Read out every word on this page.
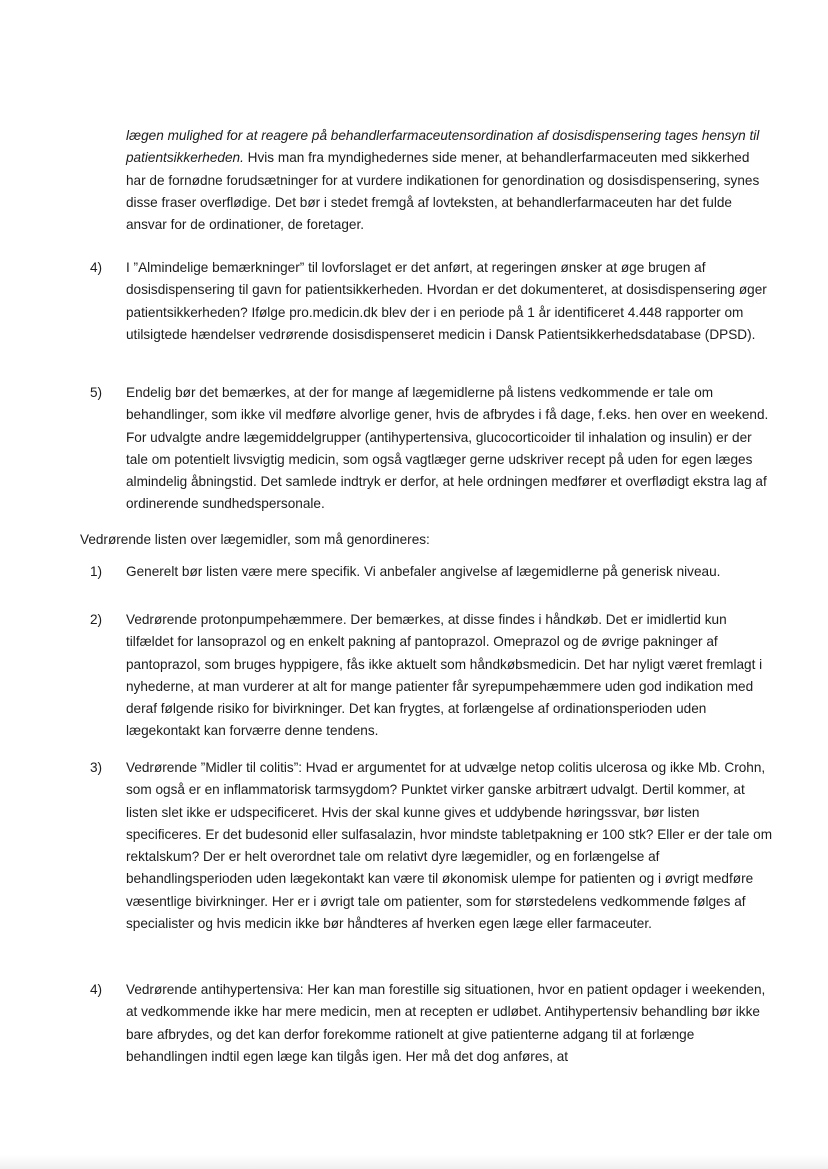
lægen mulighed for at reagere på behandlerfarmaceutensordination af dosisdispensering tages hensyn til patientsikkerheden. Hvis man fra myndighedernes side mener, at behandlerfarmaceuten med sikkerhed har de fornødne forudsætninger for at vurdere indikationen for genordination og dosisdispensering, synes disse fraser overflødige. Det bør i stedet fremgå af lovteksten, at behandlerfarmaceuten har det fulde ansvar for de ordinationer, de foretager.
4)	I ”Almindelige bemærkninger” til lovforslaget er det anført, at regeringen ønsker at øge brugen af dosisdispensering til gavn for patientsikkerheden. Hvordan er det dokumenteret, at dosisdispensering øger patientsikkerheden? Ifølge pro.medicin.dk blev der i en periode på 1 år identificeret 4.448 rapporter om utilsigtede hændelser vedrørende dosisdispenseret medicin i Dansk Patientsikkerhedsdatabase (DPSD).
5)	Endelig bør det bemærkes, at der for mange af lægemidlerne på listens vedkommende er tale om behandlinger, som ikke vil medføre alvorlige gener, hvis de afbrydes i få dage, f.eks. hen over en weekend. For udvalgte andre lægemiddelgrupper (antihypertensiva, glucocorticoider til inhalation og insulin) er der tale om potentielt livsvigtig medicin, som også vagtlæger gerne udskriver recept på uden for egen læges almindelig åbningstid. Det samlede indtryk er derfor, at hele ordningen medfører et overflødigt ekstra lag af ordinerende sundhedspersonale.
Vedrørende listen over lægemidler, som må genordineres:
1)	Generelt bør listen være mere specifik. Vi anbefaler angivelse af lægemidlerne på generisk niveau.
2)	Vedrørende protonpumpehæmmere. Der bemærkes, at disse findes i håndkøb. Det er imidlertid kun tilfældet for lansoprazol og en enkelt pakning af pantoprazol. Omeprazol og de øvrige pakninger af pantoprazol, som bruges hyppigere, fås ikke aktuelt som håndkøbsmedicin. Det har nyligt været fremlagt i nyhederne, at man vurderer at alt for mange patienter får syrepumpehæmmere uden god indikation med deraf følgende risiko for bivirkninger. Det kan frygtes, at forlængelse af ordinationsperioden uden lægekontakt kan forværre denne tendens.
3)	Vedrørende ”Midler til colitis”: Hvad er argumentet for at udvælge netop colitis ulcerosa og ikke Mb. Crohn, som også er en inflammatorisk tarmsygdom? Punktet virker ganske arbitrært udvalgt. Dertil kommer, at listen slet ikke er udspecificeret. Hvis der skal kunne gives et uddybende høringssvar, bør listen specificeres. Er det budesonid eller sulfasalazin, hvor mindste tabletpakning er 100 stk? Eller er der tale om rektalskum? Der er helt overordnet tale om relativt dyre lægemidler, og en forlængelse af behandlingsperioden uden lægekontakt kan være til økonomisk ulempe for patienten og i øvrigt medføre væsentlige bivirkninger. Her er i øvrigt tale om patienter, som for størstedelens vedkommende følges af specialister og hvis medicin ikke bør håndteres af hverken egen læge eller farmaceuter.
4)	Vedrørende antihypertensiva: Her kan man forestille sig situationen, hvor en patient opdager i weekenden, at vedkommende ikke har mere medicin, men at recepten er udløbet. Antihypertensiv behandling bør ikke bare afbrydes, og det kan derfor forekomme rationelt at give patienterne adgang til at forlænge behandlingen indtil egen læge kan tilgås igen. Her må det dog anføres, at
